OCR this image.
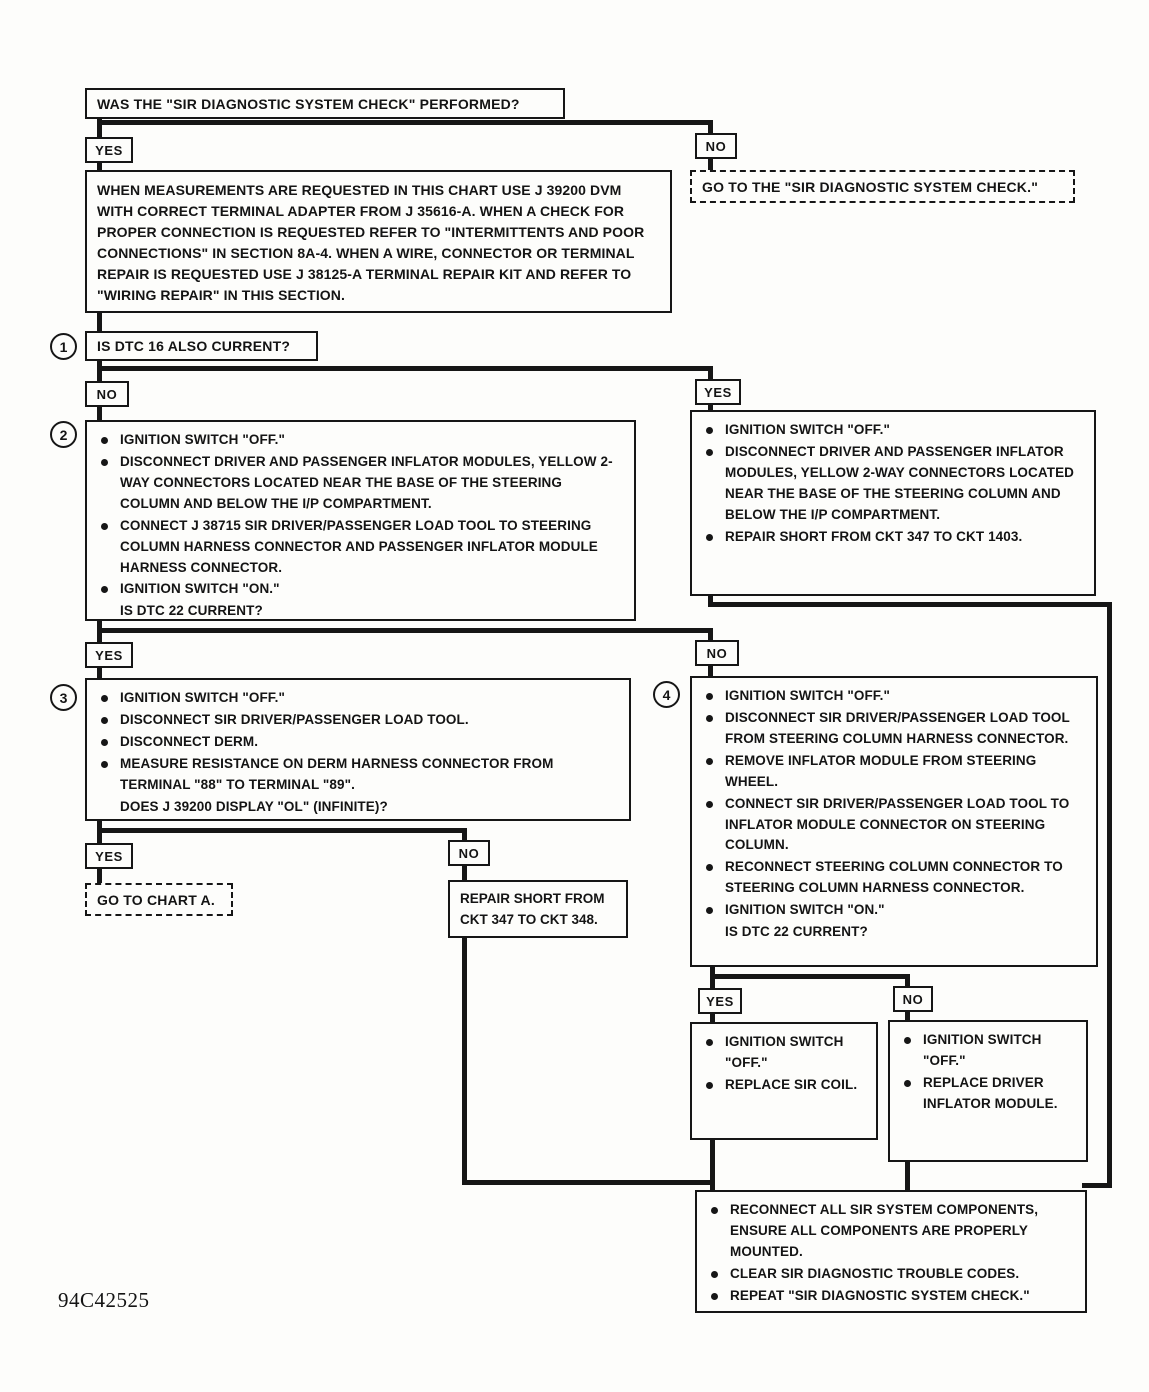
WAS THE "SIR DIAGNOSTIC SYSTEM CHECK" PERFORMED?
YES	NO
GO TO THE "SIR DIAGNOSTIC SYSTEM CHECK."
WHEN MEASUREMENTS ARE REQUESTED IN THIS CHART USE J 39200 DVM WITH CORRECT TERMINAL ADAPTER FROM J 35616-A. WHEN A CHECK FOR PROPER CONNECTION IS REQUESTED REFER TO "INTERMITTENTS AND POOR CONNECTIONS" IN SECTION 8A-4. WHEN A WIRE, CONNECTOR OR TERMINAL REPAIR IS REQUESTED USE J 38125-A TERMINAL REPAIR KIT AND REFER TO "WIRING REPAIR" IN THIS SECTION.
1 IS DTC 16 ALSO CURRENT?
NO	YES
2	IGNITION SWITCH "OFF."
DISCONNECT DRIVER AND PASSENGER INFLATOR MODULES, YELLOW 2-WAY CONNECTORS LOCATED NEAR THE BASE OF THE STEERING COLUMN AND BELOW THE I/P COMPARTMENT.
CONNECT J 38715 SIR DRIVER/PASSENGER LOAD TOOL TO STEERING COLUMN HARNESS CONNECTOR AND PASSENGER INFLATOR MODULE HARNESS CONNECTOR.
IGNITION SWITCH "ON."
IS DTC 22 CURRENT?
IGNITION SWITCH "OFF."
DISCONNECT DRIVER AND PASSENGER INFLATOR MODULES, YELLOW 2-WAY CONNECTORS LOCATED NEAR THE BASE OF THE STEERING COLUMN AND BELOW THE I/P COMPARTMENT.
REPAIR SHORT FROM CKT 347 TO CKT 1403.
YES	NO
3	IGNITION SWITCH "OFF."
DISCONNECT SIR DRIVER/PASSENGER LOAD TOOL.
DISCONNECT DERM.
MEASURE RESISTANCE ON DERM HARNESS CONNECTOR FROM TERMINAL "88" TO TERMINAL "89".
DOES J 39200 DISPLAY "OL" (INFINITE)?
YES	NO
GO TO CHART A.	REPAIR SHORT FROM CKT 347 TO CKT 348.
4	IGNITION SWITCH "OFF."
DISCONNECT SIR DRIVER/PASSENGER LOAD TOOL FROM STEERING COLUMN HARNESS CONNECTOR.
REMOVE INFLATOR MODULE FROM STEERING WHEEL.
CONNECT SIR DRIVER/PASSENGER LOAD TOOL TO INFLATOR MODULE CONNECTOR ON STEERING COLUMN.
RECONNECT STEERING COLUMN CONNECTOR TO STEERING COLUMN HARNESS CONNECTOR.
IGNITION SWITCH "ON."
IS DTC 22 CURRENT?
YES	NO
IGNITION SWITCH "OFF."
REPLACE SIR COIL.
IGNITION SWITCH "OFF."
REPLACE DRIVER INFLATOR MODULE.
RECONNECT ALL SIR SYSTEM COMPONENTS, ENSURE ALL COMPONENTS ARE PROPERLY MOUNTED.
CLEAR SIR DIAGNOSTIC TROUBLE CODES.
REPEAT "SIR DIAGNOSTIC SYSTEM CHECK."
94C42525
